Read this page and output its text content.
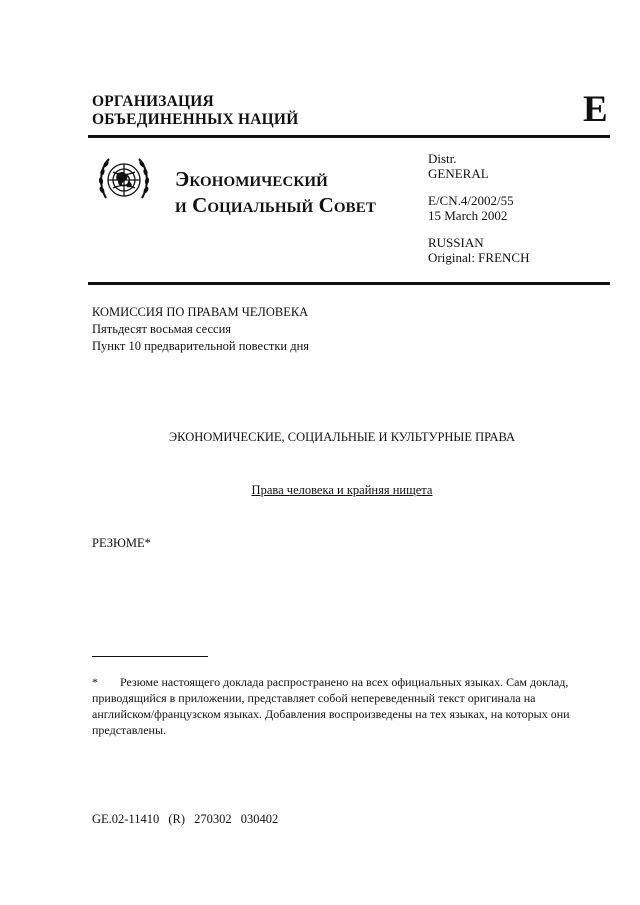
ОРГАНИЗАЦИЯ
ОБЪЕДИНЕННЫХ НАЦИЙ	E
Экономический
и Социальный Совет
Distr.
GENERAL
E/CN.4/2002/55
15 March 2002
RUSSIAN
Original: FRENCH
КОМИССИЯ ПО ПРАВАМ ЧЕЛОВЕКА
Пятьдесят восьмая сессия
Пункт 10 предварительной повестки дня
ЭКОНОМИЧЕСКИЕ, СОЦИАЛЬНЫЕ И КУЛЬТУРНЫЕ ПРАВА
Права человека и крайняя нищета
РЕЗЮМЕ*
* Резюме настоящего доклада распространено на всех официальных языках. Сам доклад, приводящийся в приложении, представляет собой непереведенный текст оригинала на английском/французском языках. Добавления воспроизведены на тех языках, на которых они представлены.
GE.02-11410 (R) 270302 030402
